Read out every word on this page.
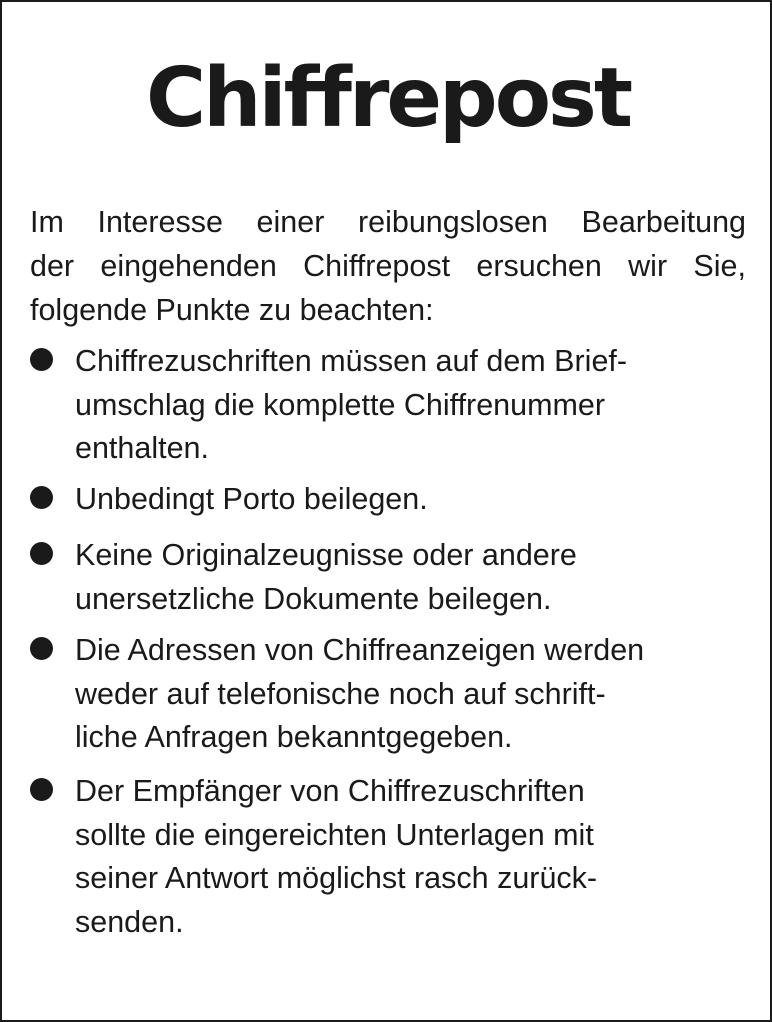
Chiffrepost

Im Interesse einer reibungslosen Bearbeitung
der eingehenden Chiffrepost ersuchen wir Sie,
folgende Punkte zu beachten:

Chiffrezuschriften müssen auf dem Brief-
umschlag die komplette Chiffrenummer
enthalten.

Unbedingt Porto beilegen.

Keine Originalzeugnisse oder andere
unersetzliche Dokumente beilegen.

Die Adressen von Chiffreanzeigen werden
weder auf telefonische noch auf schrift-
liche Anfragen bekanntgegeben.

Der Empfänger von Chiffrezuschriften
sollte die eingereichten Unterlagen mit
seiner Antwort möglichst rasch zurück-
senden.
